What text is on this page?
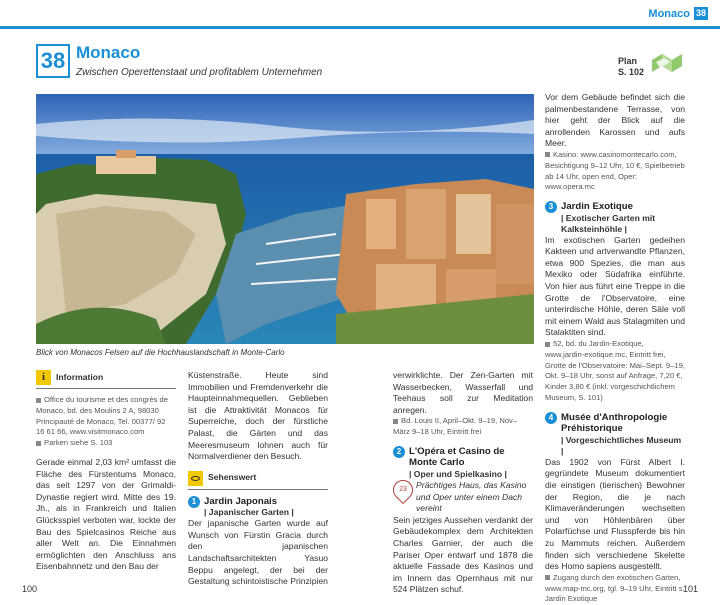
Monaco 38
38 Monaco
Zwischen Operettenstaat und profitablem Unternehmen
Plan
S. 102
Blick von Monacos Felsen auf die Hochhauslandschaft in Monte-Carlo
i	Information
Office du tourisme et des congrès de Monaco, bd. des Moulins 2 A, 98030 Principauté de Monaco, Tel. 00377/ 92 16 61 66, www.visitmonaco.com
Parken siehe S. 103

Gerade einmal 2,03 km² umfasst die Fläche des Fürstentums Monaco, das seit 1297 von der Grimaldi-Dynastie regiert wird. Mitte des 19. Jh., als in Frankreich und Italien Glücksspiel verboten war, lockte der Bau des Spielcasinos Reiche aus aller Welt an. Die Einnahmen ermöglichten den Anschluss ans Eisenbahnnetz und den Bau der

Küstenstraße. Heute sind Immobilien und Fremdenverkehr die Haupteinnahmequellen. Geblieben ist die Attraktivität Monacos für Superreiche, doch der fürstliche Palast, die Gärten und das Meeresmuseum lohnen auch für Normalverdiener den Besuch.

Sehenswert
1 Jardin Japonais
| Japanischer Garten |

Der japanische Garten wurde auf Wunsch von Fürstin Gracia durch den japanischen Landschaftsarchitekten Yasuo Beppu angelegt, der bei der Gestaltung schintoistische Prinzipien

verwirklichte. Der Zen-Garten mit Wasserbecken, Wasserfall und Teehaus soll zur Meditation anregen.

Bd. Louis II, April–Okt. 9–19, Nov–März 9–18 Uhr, Eintritt frei
2 L'Opéra et Casino de Monte Carlo
| Oper und Spielkasino |
23	Prächtiges Haus, das Kasino und Oper unter einem Dach vereint

Sein jetziges Aussehen verdankt der Gebäudekomplex dem Architekten Charles Garnier, der auch die Pariser Oper entwarf und 1878 die aktuelle Fassade des Kasinos und im Innern das Opernhaus mit nur 524 Plätzen schuf.

Vor dem Gebäude befindet sich die palmenbestandene Terrasse, von hier geht der Blick auf die anrollenden Karossen und aufs Meer.

Kasino: www.casinomontecarlo.com, Besichtigung 9–12 Uhr, 10 €, Spielbetrieb ab 14 Uhr, open end, Oper: www.opera.mc
3 Jardin Exotique
| Exotischer Garten mit Kalksteinhöhle |

Im exotischen Garten gedeihen Kakteen und artverwandte Pflanzen, etwa 900 Spezies, die man aus Mexiko oder Südafrika einführte. Von hier aus führt eine Treppe in die Grotte de l'Observatoire, eine unterirdische Höhle, deren Säle voll mit einem Wald aus Stalagmiten und Stalaktiten sind.

52, bd. du Jardin-Exotique, www.jardin-exotique.mc, Eintritt frei, Grotte de l'Observatoire: Mai–Sept. 9–19, Okt. 9–18 Uhr, sonst auf Anfrage, 7,20 €, Kinder 3,80 € (inkl. vorgeschichtlichem Museum, S. 101)
4 Musée d'Anthropologie Préhistorique
| Vorgeschichtliches Museum |

Das 1902 von Fürst Albert I. gegründete Museum dokumentiert die einstigen (tierischen) Bewohner der Region, die je nach Klimaveränderungen wechselten und von Höhlenbären über Polarfüchse und Flusspferde bis hin zu Mammuts reichen. Außerdem finden sich verschiedene Skelette des Homo sapiens ausgestellt.

Zugang durch den exotischen Garten, www.map-mc.org, tgl. 9–19 Uhr, Eintritt s. Jardin Exotique
100	101
